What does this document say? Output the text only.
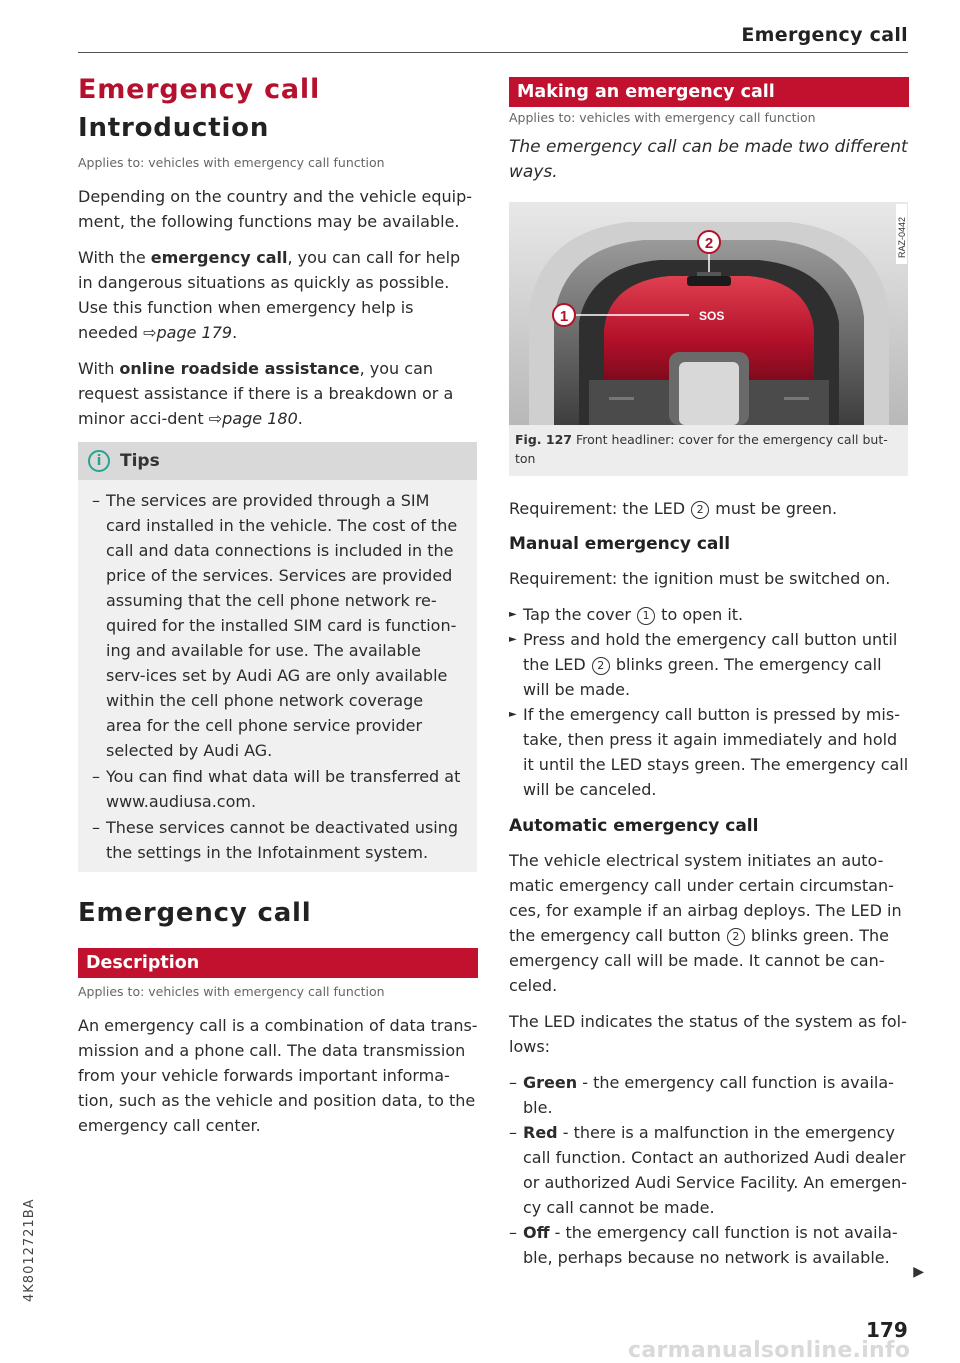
Emergency call
4K8012721BA
Emergency call
Introduction
Applies to: vehicles with emergency call function

Depending on the country and the vehicle equip-ment, the following functions may be available.

With the emergency call, you can call for help in dangerous situations as quickly as possible. Use this function when emergency help is needed ⇨page 179.

With online roadside assistance, you can request assistance if there is a breakdown or a minor acci-dent ⇨page 180.

i	Tips
– The services are provided through a SIM card installed in the vehicle. The cost of the call and data connections is included in the price of the services. Services are provided assuming that the cell phone network re-quired for the installed SIM card is function-ing and available for use. The available serv-ices set by Audi AG are only available within the cell phone network coverage area for the cell phone service provider selected by Audi AG.
– You can find what data will be transferred at www.audiusa.com.
– These services cannot be deactivated using the settings in the Infotainment system.
Emergency call
Description
Applies to: vehicles with emergency call function
An emergency call is a combination of data trans-mission and a phone call. The data transmission from your vehicle forwards important informa-tion, such as the vehicle and position data, to the emergency call center.
Making an emergency call
Applies to: vehicles with emergency call function
The emergency call can be made two different ways.
SOS
1
2	RAZ-0442
Fig. 127 Front headliner: cover for the emergency call but-ton

Requirement: the LED 2 must be green.

Manual emergency call

Requirement: the ignition must be switched on.

► Tap the cover 1 to open it.
► Press and hold the emergency call button until the LED 2 blinks green. The emergency call will be made.
► If the emergency call button is pressed by mis-take, then press it again immediately and hold it until the LED stays green. The emergency call will be canceled.
Automatic emergency call

The vehicle electrical system initiates an auto-matic emergency call under certain circumstan-ces, for example if an airbag deploys. The LED in the emergency call button 2 blinks green. The emergency call will be made. It cannot be can-celed.

The LED indicates the status of the system as fol-lows:

– Green - the emergency call function is availa-ble.
– Red - there is a malfunction in the emergency call function. Contact an authorized Audi dealer or authorized Audi Service Facility. An emergen-cy call cannot be made.
– Off - the emergency call function is not availa-ble, perhaps because no network is available.
▶
179
carmanualsonline.info
